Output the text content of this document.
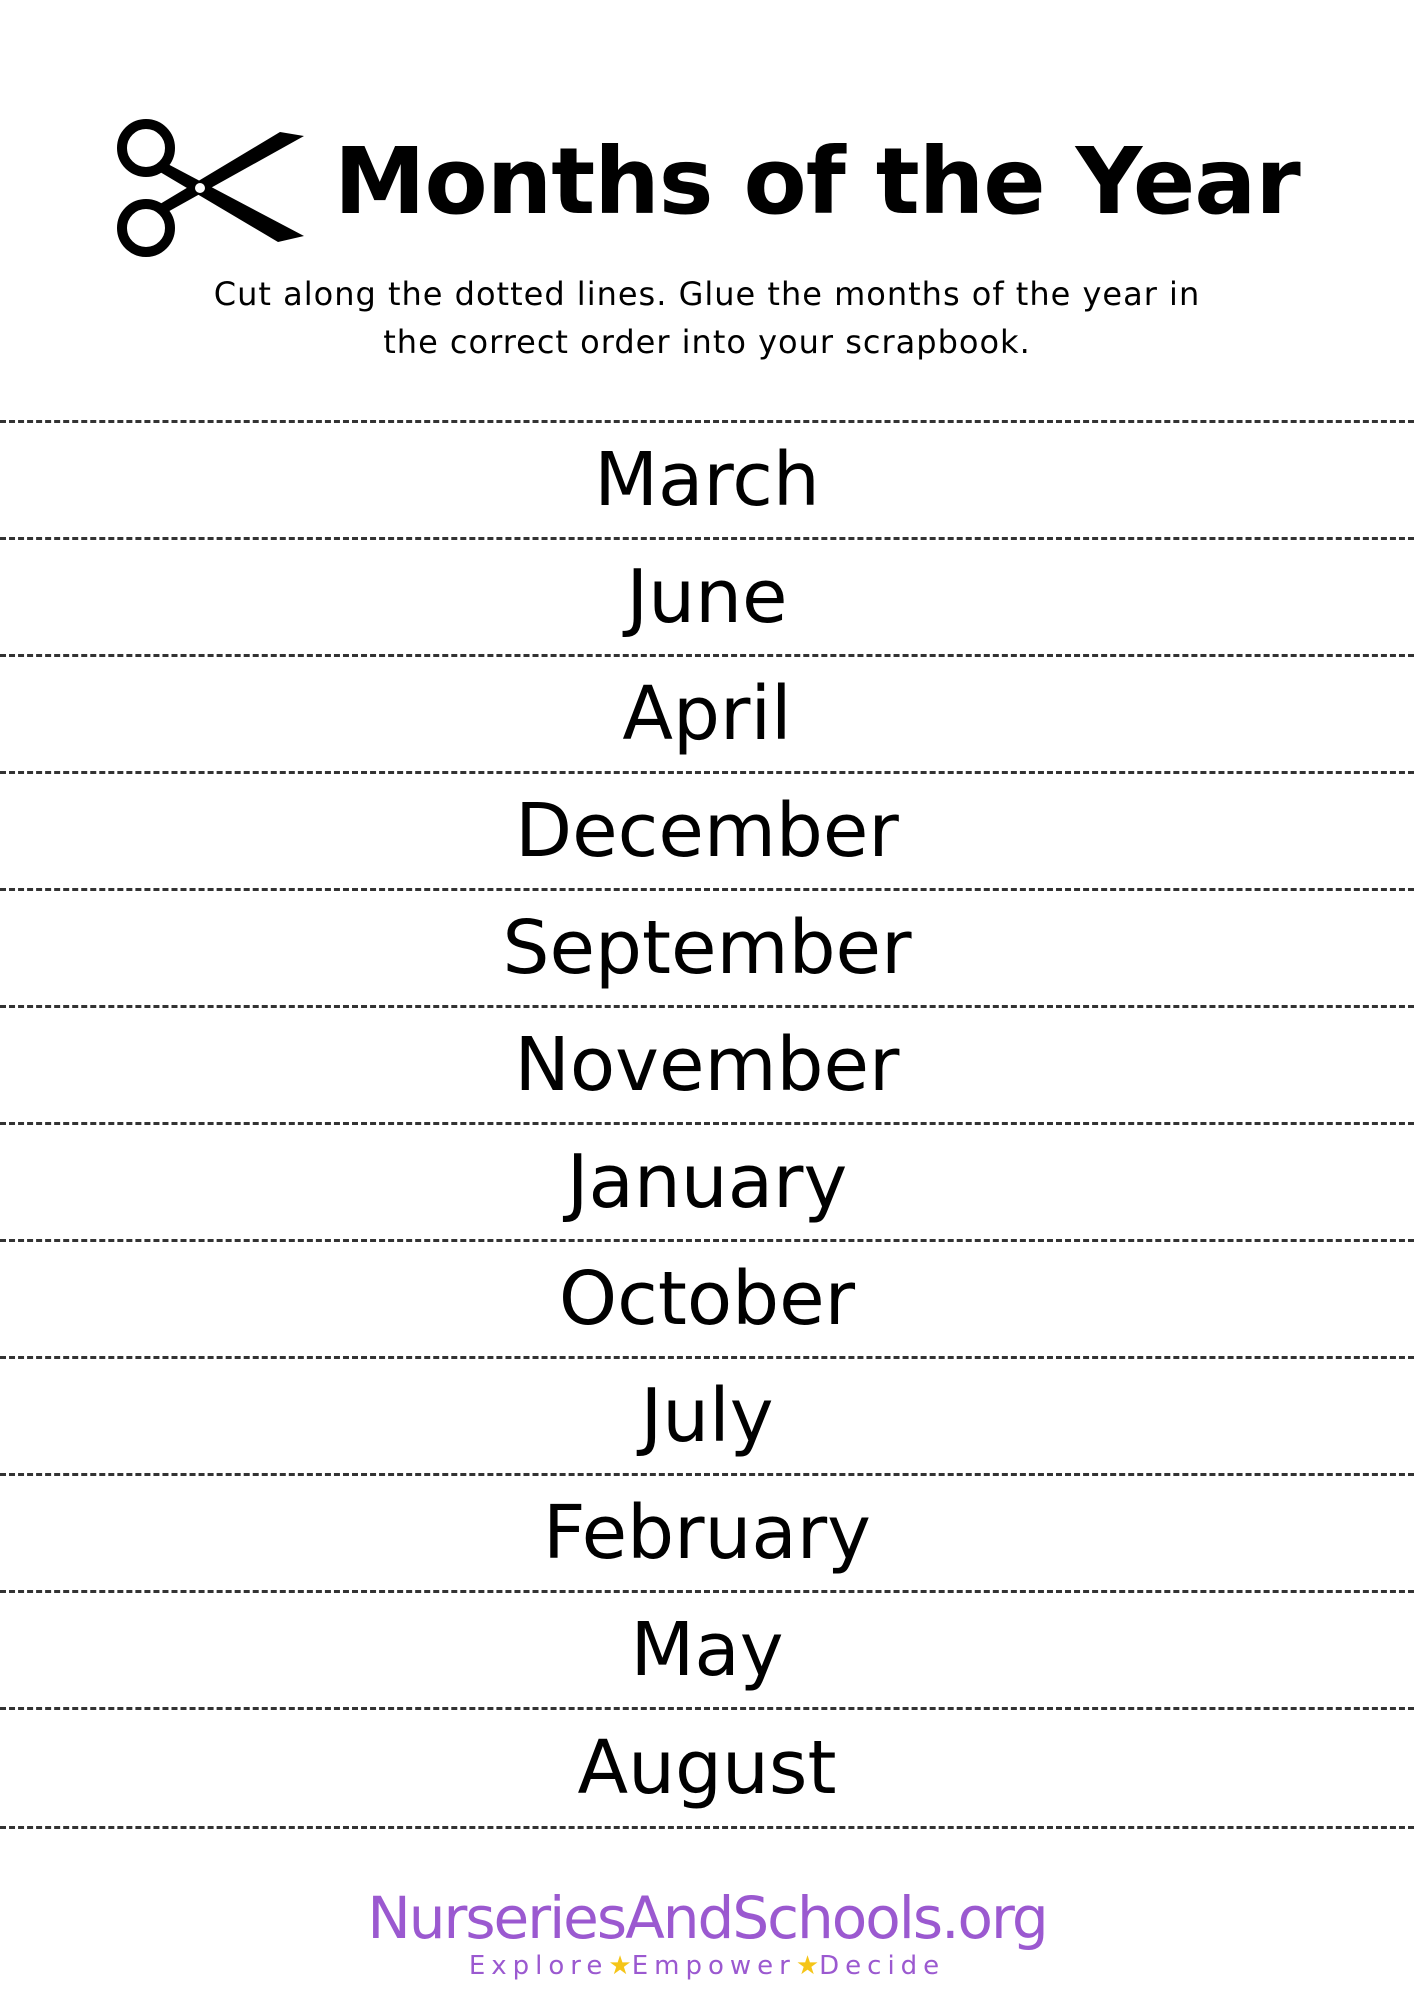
Months of the Year

Cut along the dotted lines. Glue the months of the year in
the correct order into your scrapbook.

March
June
April
December
September
November
January
October
July
February
May
August
NurseriesAndSchools.org
Explore★Empower★Decide
